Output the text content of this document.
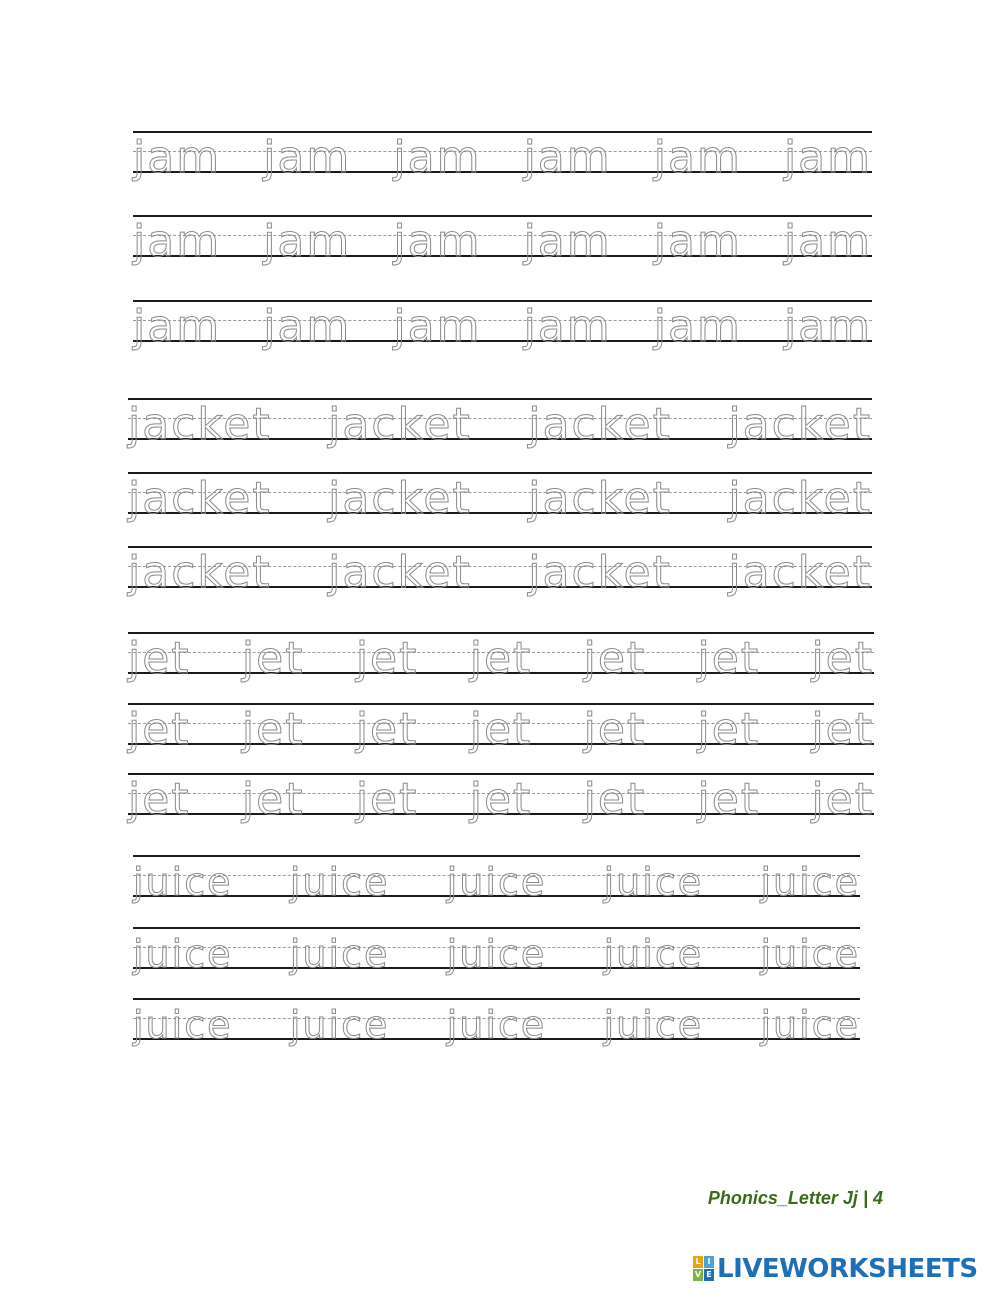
jam jam jam jam jam jam
jam jam jam jam jam jam
jam jam jam jam jam jam
jacket jacket jacket jacket
jacket jacket jacket jacket
jacket jacket jacket jacket
jet jet jet jet jet jet jet
jet jet jet jet jet jet jet
jet jet jet jet jet jet jet
juice juice juice juice juice
juice juice juice juice juice
juice juice juice juice juice
Phonics_Letter Jj | 4
L I
V E LIVEWORKSHEETS
